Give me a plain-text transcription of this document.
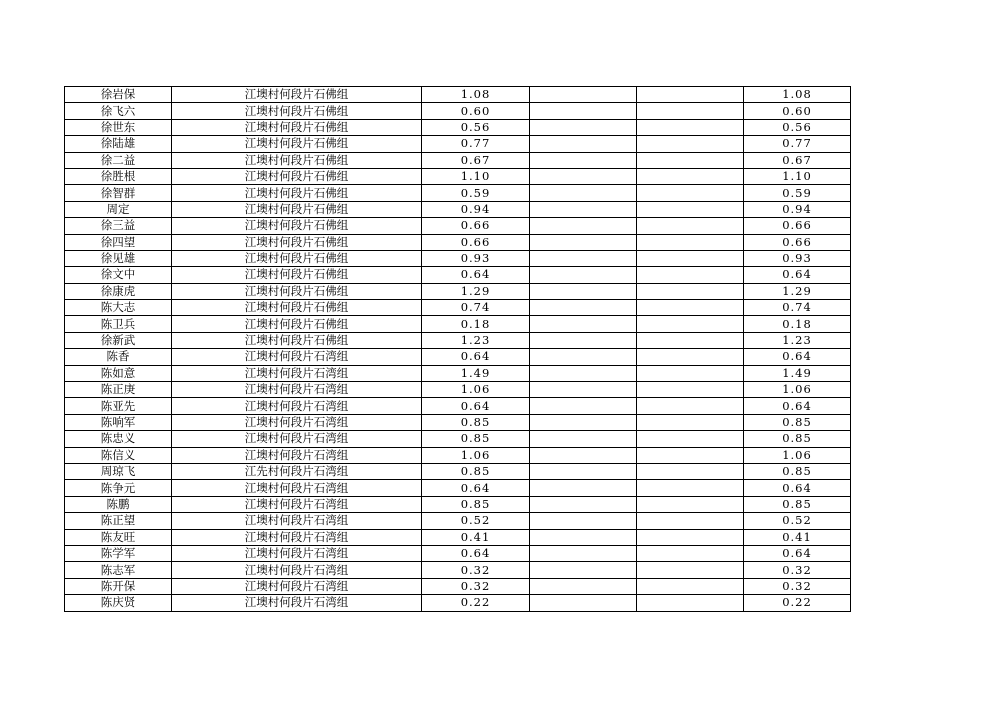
徐岩保	江墺村何段片石佛组	1.08			1.08
徐飞六	江墺村何段片石佛组	0.60			0.60
徐世东	江墺村何段片石佛组	0.56			0.56
徐陆雄	江墺村何段片石佛组	0.77			0.77
徐二益	江墺村何段片石佛组	0.67			0.67
徐胜根	江墺村何段片石佛组	1.10			1.10
徐智群	江墺村何段片石佛组	0.59			0.59
周定	江墺村何段片石佛组	0.94			0.94
徐三益	江墺村何段片石佛组	0.66			0.66
徐四望	江墺村何段片石佛组	0.66			0.66
徐见雄	江墺村何段片石佛组	0.93			0.93
徐文中	江墺村何段片石佛组	0.64			0.64
徐康虎	江墺村何段片石佛组	1.29			1.29
陈大志	江墺村何段片石佛组	0.74			0.74
陈卫兵	江墺村何段片石佛组	0.18			0.18
徐新武	江墺村何段片石佛组	1.23			1.23
陈香	江墺村何段片石湾组	0.64			0.64
陈如意	江墺村何段片石湾组	1.49			1.49
陈正庚	江墺村何段片石湾组	1.06			1.06
陈亚先	江墺村何段片石湾组	0.64			0.64
陈响军	江墺村何段片石湾组	0.85			0.85
陈忠义	江墺村何段片石湾组	0.85			0.85
陈信义	江墺村何段片石湾组	1.06			1.06
周琼飞	江先村何段片石湾组	0.85			0.85
陈争元	江墺村何段片石湾组	0.64			0.64
陈鹏	江墺村何段片石湾组	0.85			0.85
陈正望	江墺村何段片石湾组	0.52			0.52
陈友旺	江墺村何段片石湾组	0.41			0.41
陈学军	江墺村何段片石湾组	0.64			0.64
陈志军	江墺村何段片石湾组	0.32			0.32
陈开保	江墺村何段片石湾组	0.32			0.32
陈庆贤	江墺村何段片石湾组	0.22			0.22
